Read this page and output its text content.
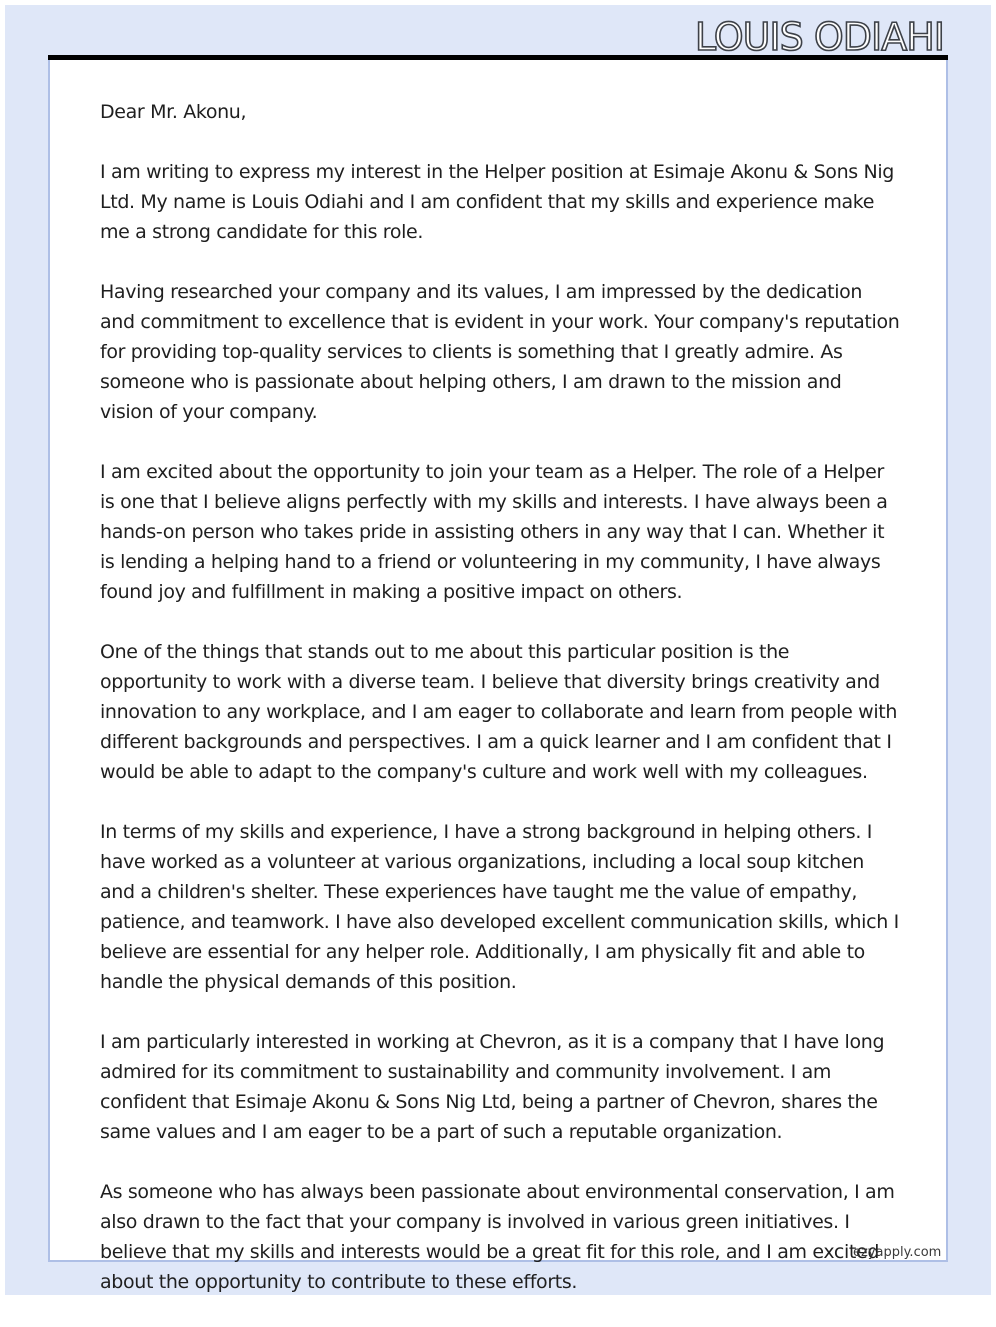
LOUIS ODIAHI

Dear Mr. Akonu,

I am writing to express my interest in the Helper position at Esimaje Akonu & Sons Nig Ltd. My name is Louis Odiahi and I am confident that my skills and experience make me a strong candidate for this role.

Having researched your company and its values, I am impressed by the dedication and commitment to excellence that is evident in your work. Your company's reputation for providing top-quality services to clients is something that I greatly admire. As someone who is passionate about helping others, I am drawn to the mission and vision of your company.

I am excited about the opportunity to join your team as a Helper. The role of a Helper is one that I believe aligns perfectly with my skills and interests. I have always been a hands-on person who takes pride in assisting others in any way that I can. Whether it is lending a helping hand to a friend or volunteering in my community, I have always found joy and fulfillment in making a positive impact on others.

One of the things that stands out to me about this particular position is the opportunity to work with a diverse team. I believe that diversity brings creativity and innovation to any workplace, and I am eager to collaborate and learn from people with different backgrounds and perspectives. I am a quick learner and I am confident that I would be able to adapt to the company's culture and work well with my colleagues.

In terms of my skills and experience, I have a strong background in helping others. I have worked as a volunteer at various organizations, including a local soup kitchen and a children's shelter. These experiences have taught me the value of empathy, patience, and teamwork. I have also developed excellent communication skills, which I believe are essential for any helper role. Additionally, I am physically fit and able to handle the physical demands of this position.

I am particularly interested in working at Chevron, as it is a company that I have long admired for its commitment to sustainability and community involvement. I am confident that Esimaje Akonu & Sons Nig Ltd, being a partner of Chevron, shares the same values and I am eager to be a part of such a reputable organization.

As someone who has always been passionate about environmental conservation, I am also drawn to the fact that your company is involved in various green initiatives. I believe that my skills and interests would be a great fit for this role, and I am excited about the opportunity to contribute to these efforts.

ezyapply.com
